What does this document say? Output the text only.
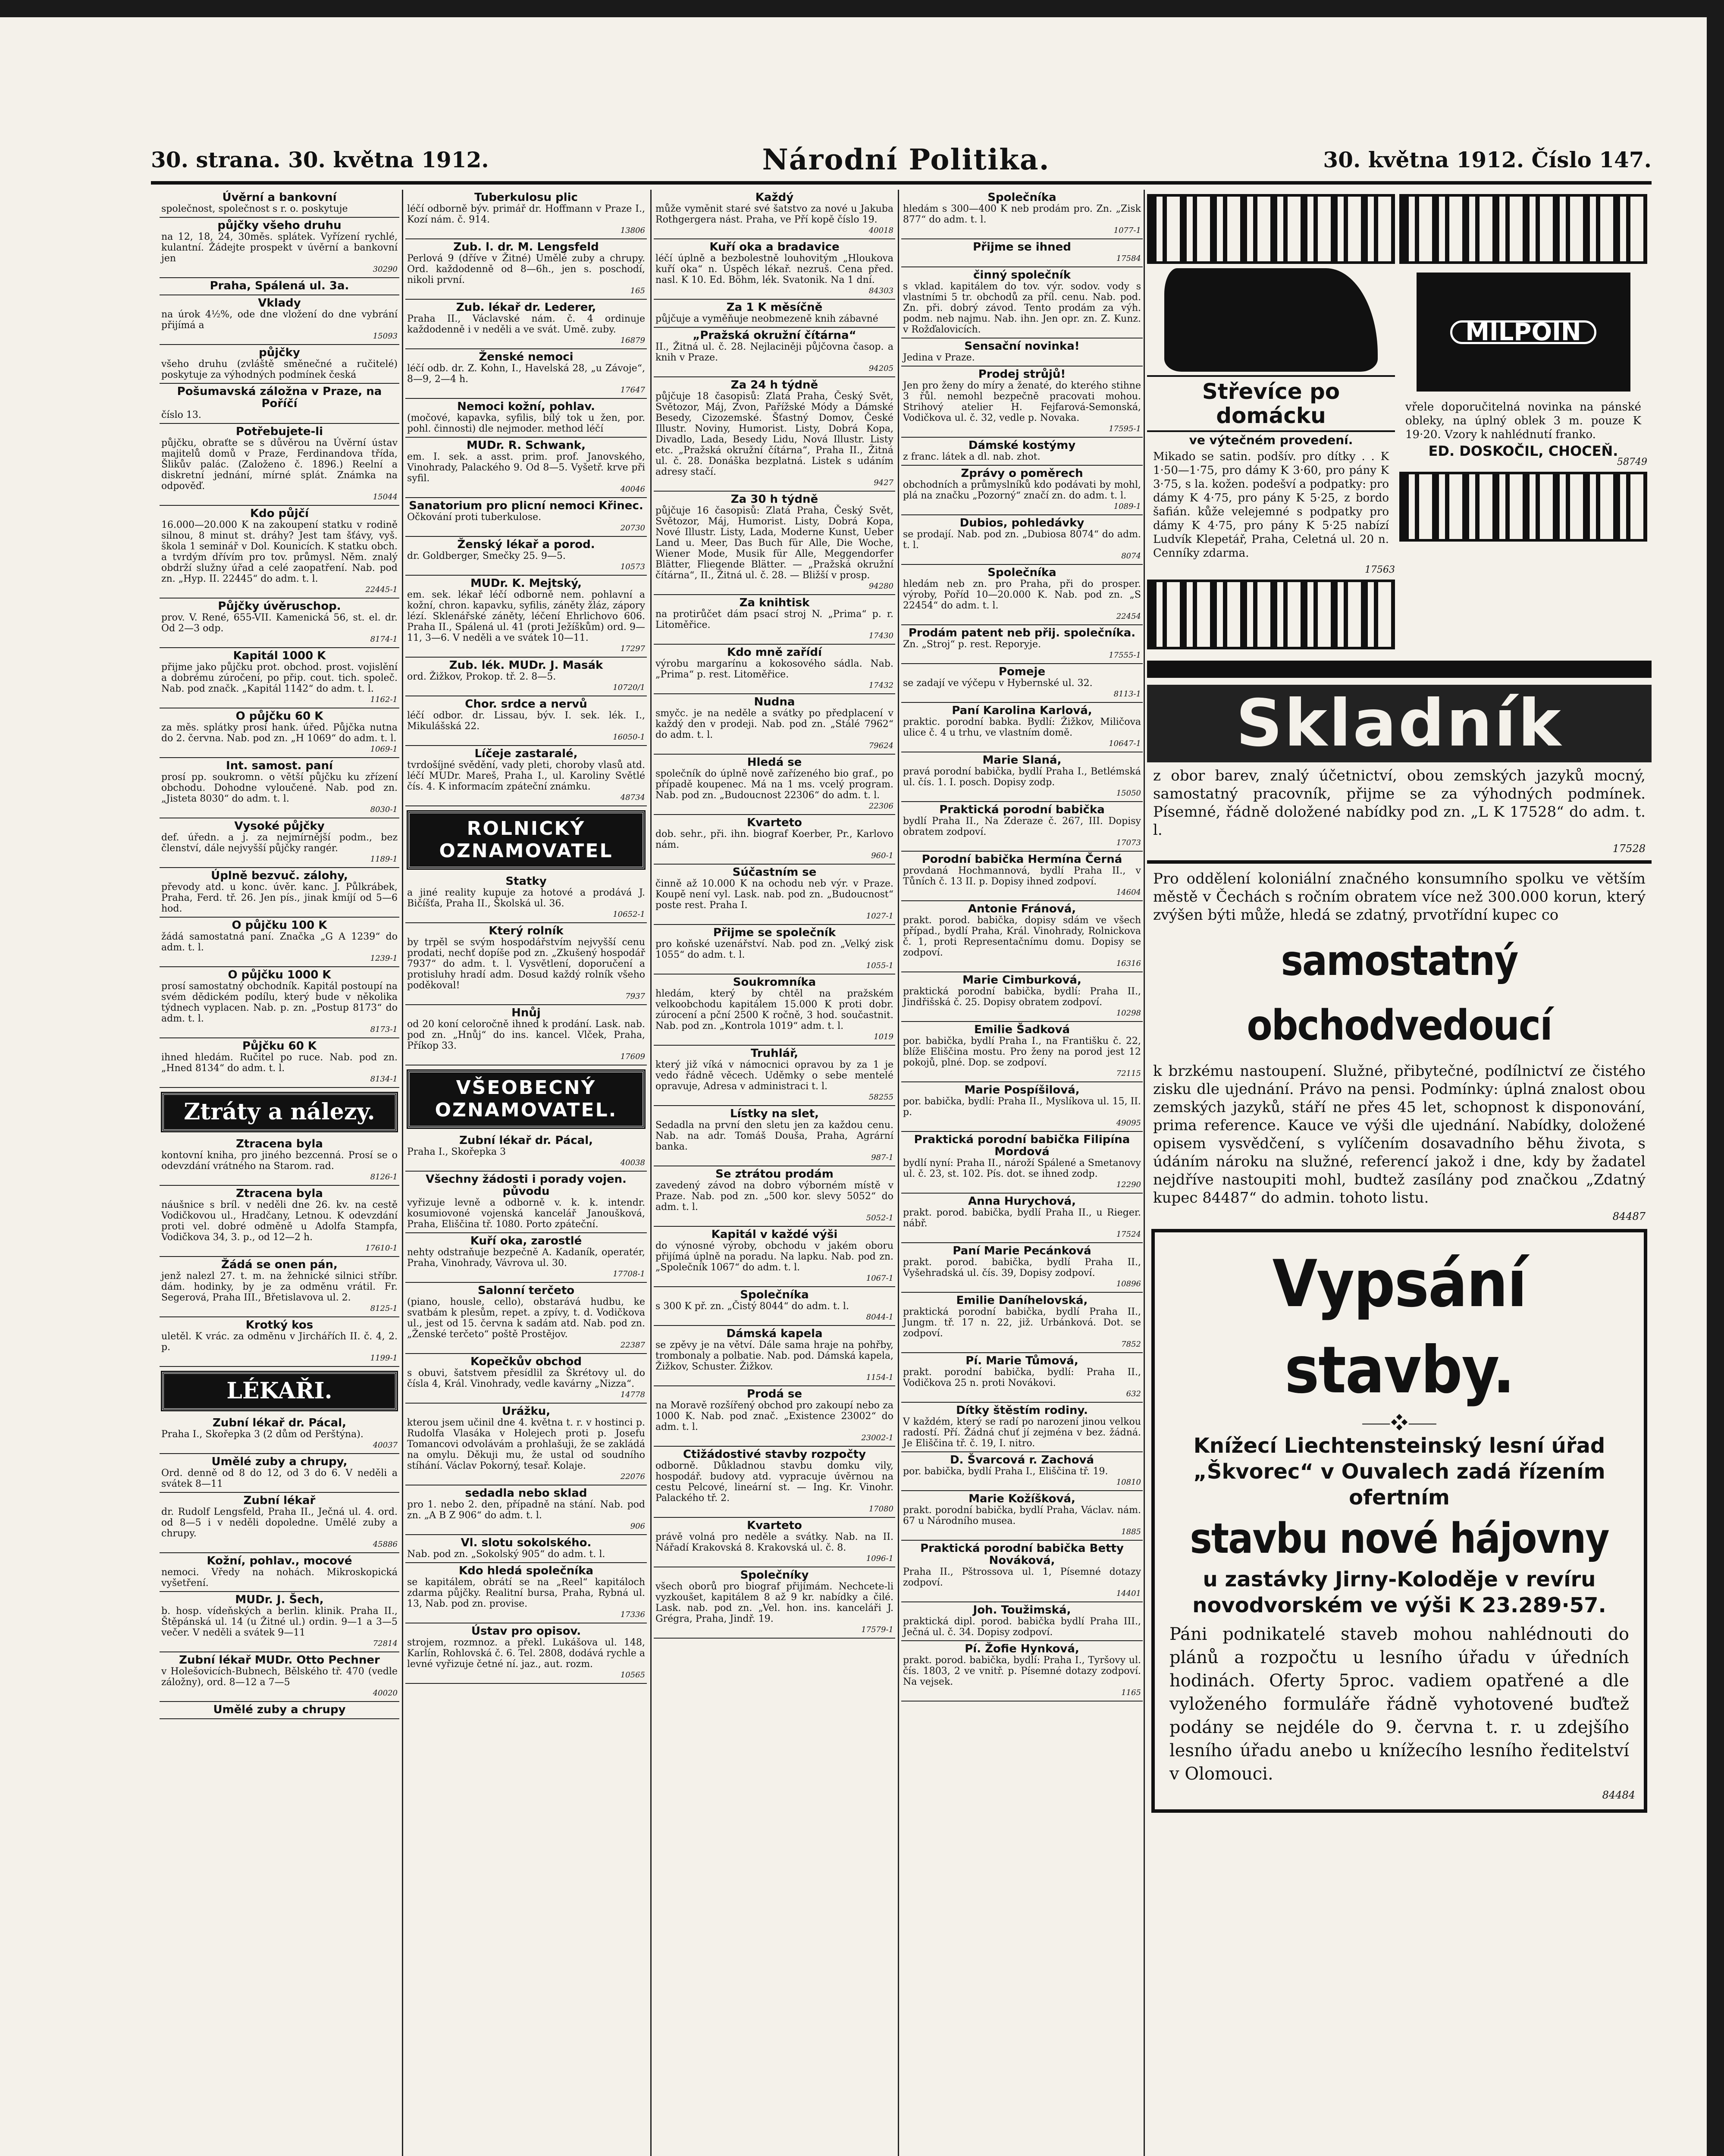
30. strana. 30. května 1912.	Národní Politika.	30. května 1912. Číslo 147.
Úvěrní a bankovní
společnost, společnost s r. o. poskytuje
půjčky všeho druhu
na 12, 18, 24, 30měs. splátek. Vyřízení rychlé, kulantní. Žádejte prospekt v úvěrní a bankovní jen
30290
Praha, Spálená ul. 3a.
Vklady
na úrok 4½%, ode dne vložení do dne vybrání přijímá a
15093
půjčky
všeho druhu (zvláště směnečné a ručitelé) poskytuje za výhodných podmínek česká
Pošumavská záložna v Praze, na Poříčí
číslo 13.
Potřebujete-li
půjčku, obraťte se s důvěrou na Úvěrní ústav majitelů domů v Praze, Ferdinandova třída, Šlikův palác. (Založeno č. 1896.) Reelní a diskretní jednání, mírné splát. Známka na odpověď.
15044
Kdo půjčí
16.000—20.000 K na zakoupení statku v rodině silnou, 8 minut st. dráhy? Jest tam šťávy, vyš. škola 1 seminář v Dol. Kounicích. K statku obch. a tvrdým dřívím pro tov. průmysl. Něm. znalý obdrží služny úřad a celé zaopatření. Nab. pod zn. „Hyp. II. 22445“ do adm. t. l.
22445-1
Půjčky úvěruschop.
prov. V. René, 655-VII. Kamenická 56, st. el. dr. Od 2—3 odp.
8174-1
Kapitál 1000 K
přijme jako půjčku prot. obchod. prost. vojislění a dobrému zúročení, po přip. cout. tich. společ. Nab. pod značk. „Kapitál 1142“ do adm. t. l.
1162-1
O půjčku 60 K
za měs. splátky prosí hank. úřed. Půjčka nutna do 2. června. Nab. pod zn. „H 1069“ do adm. t. l.
1069-1
Int. samost. paní
prosí pp. soukromn. o větší půjčku ku zřízení obchodu. Dohodne vyloučené. Nab. pod zn. „Jisteta 8030“ do adm. t. l.
8030-1
Vysoké půjčky
def. úředn. a j. za nejmírnější podm., bez členství, dále nejvyšší půjčky rangér.
1189-1
Úplně bezvuč. zálohy,
převody atd. u konc. úvěr. kanc. J. Půlkrábek, Praha, Ferd. tř. 26. Jen pís., jinak kmíjí od 5—6 hod.
O půjčku 100 K
žádá samostatná paní. Značka „G A 1239“ do adm. t. l.
1239-1
O půjčku 1000 K
prosí samostatný obchodník. Kapitál postoupí na svém dědickém podílu, který bude v několika týdnech vyplacen. Nab. p. zn. „Postup 8173“ do adm. t. l.
8173-1
Půjčku 60 K
ihned hledám. Ručitel po ruce. Nab. pod zn. „Hned 8134“ do adm. t. l.
8134-1
Ztráty a nálezy.
Ztracena byla
kontovní kniha, pro jiného bezcenná. Prosí se o odevzdání vrátného na Starom. rad.
8126-1
Ztracena byla
náušnice s bríl. v neděli dne 26. kv. na cestě Vodičkovou ul., Hradčany, Letnou. K odevzdání proti vel. dobré odměně u Adolfa Stampfa, Vodičkova 34, 3. p., od 12—2 h.
17610-1
Žádá se onen pán,
jenž nalezl 27. t. m. na žehnické silnici stříbr. dám. hodinky, by je za odměnu vrátil. Fr. Segerová, Praha III., Břetislavova ul. 2.
8125-1
Krotký kos
uletěl. K vrác. za odměnu v Jirchářích II. č. 4, 2. p.
1199-1
LÉKAŘI.
Zubní lékař dr. Pácal,
Praha I., Skořepka 3 (2 dům od Perštýna).
40037
Umělé zuby a chrupy,
Ord. denně od 8 do 12, od 3 do 6. V neděli a svátek 8—11
Zubní lékař
dr. Rudolf Lengsfeld, Praha II., Ječná ul. 4. ord. od 8—5 i v neděli dopoledne. Umělé zuby a chrupy.
45886
Kožní, pohlav., mocové
nemoci. Vředy na nohách. Mikroskopická vyšetření.
MUDr. J. Šech,
b. hosp. vídeňských a berlin. klinik. Praha II., Štěpánská ul. 14 (u Žitné ul.) ordin. 9—1 a 3—5 večer. V neděli a svátek 9—11
72814
Zubní lékař MUDr. Otto Pechner
v Holešovicích-Bubnech, Bělského tř. 470 (vedle záložny), ord. 8—12 a 7—5
40020
Umělé zuby a chrupy
Tuberkulosu plic
léčí odborně býv. primář dr. Hoffmann v Praze I., Kozí nám. č. 914.
13806
Zub. l. dr. M. Lengsfeld
Perlová 9 (dříve v Žitné) Umělé zuby a chrupy. Ord. každodenně od 8—6h., jen s. poschodí, nikoli první.
165
Zub. lékař dr. Lederer,
Praha II., Václavské nám. č. 4 ordinuje každodenně i v neděli a ve svát. Umě. zuby.
16879
Ženské nemoci
léčí odb. dr. Z. Kohn, I., Havelská 28, „u Závoje“, 8—9, 2—4 h.
17647
Nemoci kožní, pohlav.
(močové, kapavka, syfilis, bílý tok u žen, por. pohl. činnosti) dle nejmoder. method léčí
MUDr. R. Schwank,
em. I. sek. a asst. prim. prof. Janovského, Vinohrady, Palackého 9. Od 8—5. Vyšetř. krve při syfil.
40046
Sanatorium pro plicní nemoci Křinec.
Očkování proti tuberkulose.
20730
Ženský lékař a porod.
dr. Goldberger, Smečky 25. 9—5.
10573
MUDr. K. Mejtský,
em. sek. lékař léčí odborně nem. pohlavní a kožní, chron. kapavku, syfilis, záněty žláz, zápory lézí. Sklenářské záněty, léčení Ehrlichovo 606. Praha II., Spálená ul. 41 (proti Ježíškům) ord. 9—11, 3—6. V neděli a ve svátek 10—11.
17297
Zub. lék. MUDr. J. Masák
ord. Žižkov, Prokop. tř. 2. 8—5.
10720/1
Chor. srdce a nervů
léčí odbor. dr. Lissau, býv. I. sek. lék. I., Mikulášská 22.
16050-1
Líčeje zastaralé,
tvrdošíjné svědění, vady pleti, choroby vlasů atd. léčí MUDr. Mareš, Praha I., ul. Karoliny Světlé čís. 4. K informacím zpáteční známku.
48734
ROLNICKÝ OZNAMOVATEL
Statky
a jiné reality kupuje za hotové a prodává J. Bičíšťa, Praha II., Školská ul. 36.
10652-1
Který rolník
by trpěl se svým hospodářstvím nejvyšší cenu prodati, nechť dopíše pod zn. „Zkušený hospodář 7937“ do adm. t. l. Vysvětlení, doporučení a protisluhy hradí adm. Dosud každý rolník všeho poděkoval!
7937
Hnůj
od 20 koní celoročně ihned k prodání. Lask. nab. pod zn. „Hnůj“ do ins. kancel. Vlček, Praha, Příkop 33.
17609
VŠEOBECNÝ OZNAMOVATEL.
Zubní lékař dr. Pácal,
Praha I., Skořepka 3
40038
Všechny žádosti i porady vojen. původu
vyřizuje levně a odborně v. k. k. intendr. kosumiovoné vojenská kancelář Janoušková, Praha, Eliščina tř. 1080. Porto zpáteční.
Kuří oka, zarostlé
nehty odstraňuje bezpečně A. Kadaník, operatér, Praha, Vinohrady, Vávrova ul. 30.
17708-1
Salonní terčeto
(piano, housle, cello), obstarává hudbu, ke svatbám k plesům, repet. a zpívy, t. d. Vodičkova ul., jest od 15. června k sadám atd. Nab. pod zn. „Ženské terčeto“ poště Prostějov.
22387
Kopečkův obchod
s obuvi, šatstvem přesídlil za Škrétovy ul. do čísla 4, Král. Vinohrady, vedle kavárny „Nizza“.
14778
Urážku,
kterou jsem učinil dne 4. května t. r. v hostinci p. Rudolfa Vlasáka v Holejech proti p. Josefu Tomancovi odvolávám a prohlašuji, že se zakládá na omylu. Děkuji mu, že ustal od soudního stíhání. Václav Pokorný, tesař. Kolaje.
22076
sedadla nebo sklad
pro 1. nebo 2. den, případně na stání. Nab. pod zn. „A B Z 906“ do adm. t. l.
906
Vl. slotu sokolského.
Nab. pod zn. „Sokolský 905“ do adm. t. l.
Kdo hledá společníka
se kapitálem, obrátí se na „Reel“ kapitáloch zdarma půjčky. Realitní bursa, Praha, Rybná ul. 13, Nab. pod zn. provise.
17336
Ústav pro opisov.
strojem, rozmnoz. a překl. Lukášova ul. 148, Karlín, Rohlovská č. 6. Tel. 2808, dodává rychle a levné vyřizuje četné ní. jaz., aut. rozm.
10565
Každý
může vyměnit staré své šatstvo za nové u Jakuba Rothgergera nást. Praha, ve Pří kopě číslo 19.
40018
Kuří oka a bradavice
léčí úplně a bezbolestně louhovitým „Hloukova kuří oka“ n. Úspěch lékař. nezruš. Cena před. nasl. K 10. Ed. Böhm, lék. Svatonik. Na 1 dní.
84303
Za 1 K měsíčně
půjčuje a vyměňuje neobmezeně knih zábavné
„Pražská okružní čítárna“
II., Žitná ul. č. 28. Nejlaciněji půjčovna časop. a knih v Praze.
94205
Za 24 h týdně
půjčuje 18 časopisů: Zlatá Praha, Český Svět, Světozor, Máj, Zvon, Pařížské Módy a Dámské Besedy, Cizozemské. Šťastný Domov, České Illustr. Noviny, Humorist. Listy, Dobrá Kopa, Divadlo, Lada, Besedy Lidu, Nová Illustr. Listy etc. „Pražská okružní čítárna“, Praha II., Žitná ul. č. 28. Donáška bezplatná. Listek s udáním adresy stačí.
9427
Za 30 h týdně
půjčuje 16 časopisů: Zlatá Praha, Český Svět, Světozor, Máj, Humorist. Listy, Dobrá Kopa, Nové Illustr. Listy, Lada, Moderne Kunst, Ueber Land u. Meer, Das Buch für Alle, Die Woche, Wiener Mode, Musik für Alle, Meggendorfer Blätter, Fliegende Blätter. — „Pražská okružní čítárna“, II., Žitná ul. č. 28. — Bližší v prosp.
94280
Za knihtisk
na protirůčet dám psací stroj N. „Prima“ p. r. Litoměřice.
17430
Kdo mně zařídí
výrobu margarínu a kokosového sádla. Nab. „Prima“ p. rest. Litoměřice.
17432
Nudna
smyčc. je na neděle a svátky po předplacení v každý den v prodeji. Nab. pod zn. „Stálé 7962“ do adm. t. l.
79624
Hledá se
společník do úplně nově zařízeného bio graf., po případě koupenec. Má na 1 ms. vcelý program. Nab. pod zn. „Budoucnost 22306“ do adm. t. l.
22306
Kvarteto
dob. sehr., při. ihn. biograf Koerber, Pr., Karlovo nám.
960-1
Súčastním se
činně až 10.000 K na ochodu neb výr. v Praze. Koupě není vyl. Lask. nab. pod zn. „Budoucnost“ poste rest. Praha I.
1027-1
Přijme se společník
pro koňské uzenářství. Nab. pod zn. „Velký zisk 1055“ do adm. t. l.
1055-1
Soukromníka
hledám, který by chtěl na pražském velkoobchodu kapitálem 15.000 K proti dobr. zúrocení a pční 2500 K ročně, 3 hod. součastnit. Nab. pod zn. „Kontrola 1019“ adm. t. l.
1019
Truhlář,
který již víká v námocnici opravou by za 1 je vedo řádně věcech. Uděmky o sebe mentelé opravuje, Adresa v administraci t. l.
58255
Lístky na slet,
Sedadla na první den sletu jen za každou cenu. Nab. na adr. Tomáš Douša, Praha, Agrární banka.
987-1
Se ztrátou prodám
zavedený závod na dobro výborném místě v Praze. Nab. pod zn. „500 kor. slevy 5052“ do adm. t. l.
5052-1
Kapitál v každé výši
do výnosné výroby, obchodu v jakém oboru přijímá úplně na poradu. Na lapku. Nab. pod zn. „Společník 1067“ do adm. t. l.
1067-1
Společníka
s 300 K př. zn. „Čistý 8044“ do adm. t. l.
8044-1
Dámská kapela
se zpěvy je na větví. Dále sama hraje na pohřby, trombonaly a polbatie. Nab. pod. Dámská kapela, Žižkov, Schuster. Žižkov.
1154-1
Prodá se
na Moravě rozšířený obchod pro zakoupí nebo za 1000 K. Nab. pod znač. „Existence 23002“ do adm. t. l.
23002-1
Ctižádostivé stavby rozpočty
odborně. Důkladnou stavbu domku vily, hospodář. budovy atd. vypracuje úvěrnou na cestu Pelcové, lineární st. — Ing. Kr. Vinohr. Palackého tř. 2.
17080
Kvarteto
právě volná pro neděle a svátky. Nab. na II. Nářadí Krakovská 8. Krakovská ul. č. 8.
1096-1
Společníky
všech oborů pro biograf přijímám. Nechcete-li vyzkoušet, kapitálem 8 až 9 kr. nabídky a čilé. Lask. nab. pod zn. „Vel. hon. ins. kanceláři J. Grégra, Praha, Jindř. 19.
17579-1
Společníka
hledám s 300—400 K neb prodám pro. Zn. „Zisk 877“ do adm. t. l.
1077-1
Přijme se ihned
17584
činný společník
s vklad. kapitálem do tov. výr. sodov. vody s vlastními 5 tr. obchodů za příl. cenu. Nab. pod. Zn. při. dobrý závod. Tento prodám za výh. podm. neb najmu. Nab. ihn. Jen opr. zn. Z. Kunz. v Rožďalovicích.
Sensační novinka!
Jedina v Praze.
Prodej strůjů!
Jen pro ženy do míry a ženaté, do kterého stihne 3 řůl. nemohl bezpečně pracovati mohou. Strihový atelier H. Fejfarová-Semonská, Vodičkova ul. č. 32, vedle p. Novaka.
17595-1
Dámské kostýmy
z franc. látek a dl. nab. zhot.
Zprávy o poměrech
obchodních a průmyslníků kdo podávati by mohl, plá na značku „Pozorný“ značí zn. do adm. t. l.
1089-1
Dubios, pohledávky
se prodají. Nab. pod zn. „Dubiosa 8074“ do adm. t. l.
8074
Společníka
hledám neb zn. pro Praha, při do prosper. výroby, Poříd 10—20.000 K. Nab. pod zn. „S 22454“ do adm. t. l.
22454
Prodám patent neb přij. společníka.
Zn. „Stroj“ p. rest. Reporyje.
17555-1
Pomeje
se zadají ve výčepu v Hybernské ul. 32.
8113-1
Paní Karolina Karlová,
praktic. porodní babka. Bydlí: Žižkov, Miličova ulice č. 4 u trhu, ve vlastním domě.
10647-1
Marie Slaná,
pravá porodní babička, bydlí Praha I., Betlémská ul. čís. 1. I. posch. Dopisy zodp.
15050
Praktická porodní babička
bydlí Praha II., Na Zderaze č. 267, III. Dopisy obratem zodpoví.
17073
Porodní babička Hermína Černá
provdaná Hochmannová, bydlí Praha II., v Tůních č. 13 II. p. Dopisy ihned zodpoví.
14604
Antonie Fránová,
prakt. porod. babička, dopisy sdám ve všech případ., bydlí Praha, Král. Vinohrady, Rolnickova č. 1, proti Representačnímu domu. Dopisy se zodpoví.
16316
Marie Cimburková,
praktická porodní babička, bydlí: Praha II., Jindřišská č. 25. Dopisy obratem zodpoví.
10298
Emilie Šadková
por. babička, bydlí Praha I., na Františku č. 22, blíže Eliščina mostu. Pro ženy na porod jest 12 pokojů, plné. Dop. se zodpoví.
72115
Marie Pospíšilová,
por. babička, bydlí: Praha II., Myslíkova ul. 15, II. p.
49095
Praktická porodní babička Filipína Mordová
bydlí nyní: Praha II., nároží Spálené a Smetanovy ul. č. 23, st. 102. Pís. dot. se ihned zodp.
12290
Anna Hurychová,
prakt. porod. babička, bydlí Praha II., u Rieger. nábř.
17524
Paní Marie Pecánková
prakt. porod. babička, bydlí Praha II., Vyšehradská ul. čís. 39, Dopisy zodpoví.
10896
Emilie Daníhelovská,
praktická porodní babička, bydlí Praha II., Jungm. tř. 17 n. 22, již. Urbánková. Dot. se zodpoví.
7852
Pí. Marie Tůmová,
prakt. porodní babička, bydlí: Praha II., Vodičkova 25 n. proti Novákovi.
632
Dítky štěstím rodiny.
V každém, který se radí po narození jinou velkou radostí. Pří. Žádná chuť jí zejména v bez. žádná. Je Eliščina tř. č. 19, I. nitro.
D. Švarcová r. Zachová
por. babička, bydlí Praha I., Eliščina tř. 19.
10810
Marie Kožíšková,
prakt. porodní babička, bydlí Praha, Václav. nám. 67 u Národního musea.
1885
Praktická porodní babička Betty Nováková,
Praha II., Pštrossova ul. 1, Písemné dotazy zodpoví.
14401
Joh. Toužimská,
praktická dipl. porod. babička bydlí Praha III., Ječná ul. č. 34. Dopisy zodpoví.
Pí. Žofie Hynková,
prakt. porod. babička, bydlí: Praha I., Tyršovy ul. čís. 1803, 2 ve vnitř. p. Písemné dotazy zodpoví. Na vejsek.
1165
Střevíce po domácku
ve výtečném provedení.
Mikado se satin. podšív. pro dítky . . K 1·50—1·75, pro dámy K 3·60, pro pány K 3·75, s la. kožen. podešví a podpatky: pro dámy K 4·75, pro pány K 5·25, z bordo šafián. kůže velejemné s podpatky pro dámy K 4·75, pro pány K 5·25 nabízí Ludvík Klepetář, Praha, Celetná ul. 20 n. Cenníky zdarma.
17563
MILPOIN
vřele doporučitelná novinka na pánské obleky, na úplný oblek 3 m. pouze K 19·20. Vzory k nahlédnutí franko.
ED. DOSKOČIL, CHOCEŇ.
58749
Skladník
z obor barev, znalý účetnictví, obou zemských jazyků mocný, samostatný pracovník, přijme se za výhodných podmínek. Písemné, řádně doložené nabídky pod zn. „L K 17528“ do adm. t. l.
17528
Pro oddělení koloniální značného konsumního spolku ve větším městě v Čechách s ročním obratem více než 300.000 korun, který zvýšen býti může, hledá se zdatný, prvotřídní kupec co
samostatný obchodvedoucí
k brzkému nastoupení. Služné, přibytečné, podílnictví ze čistého zisku dle ujednání. Právo na pensi. Podmínky: úplná znalost obou zemských jazyků, stáří ne přes 45 let, schopnost k disponování, prima reference. Kauce ve výši dle ujednání. Nabídky, doložené opisem vysvědčení, s vylíčením dosavadního běhu života, s údáním nároku na služné, referencí jakož i dne, kdy by žadatel nejdříve nastoupiti mohl, budtež zasílány pod značkou „Zdatný kupec 84487“ do admin. tohoto listu.
84487
Vypsání stavby.
⸺❖⸺
Knížecí Liechtensteinský lesní úřad „Škvorec“ v Ouvalech zadá řízením ofertním
stavbu nové hájovny
u zastávky Jirny-Koloděje v revíru novodvorském ve výši K 23.289·57.
Páni podnikatelé staveb mohou nahlédnouti do plánů a rozpočtu u lesního úřadu v úředních hodinách. Oferty 5proc. vadiem opatřené a dle vyloženého formuláře řádně vyhotovené buďtež podány se nejdéle do 9. června t. r. u zdejšího lesního úřadu anebo u knížecího lesního ředitelství v Olomouci.
84484
